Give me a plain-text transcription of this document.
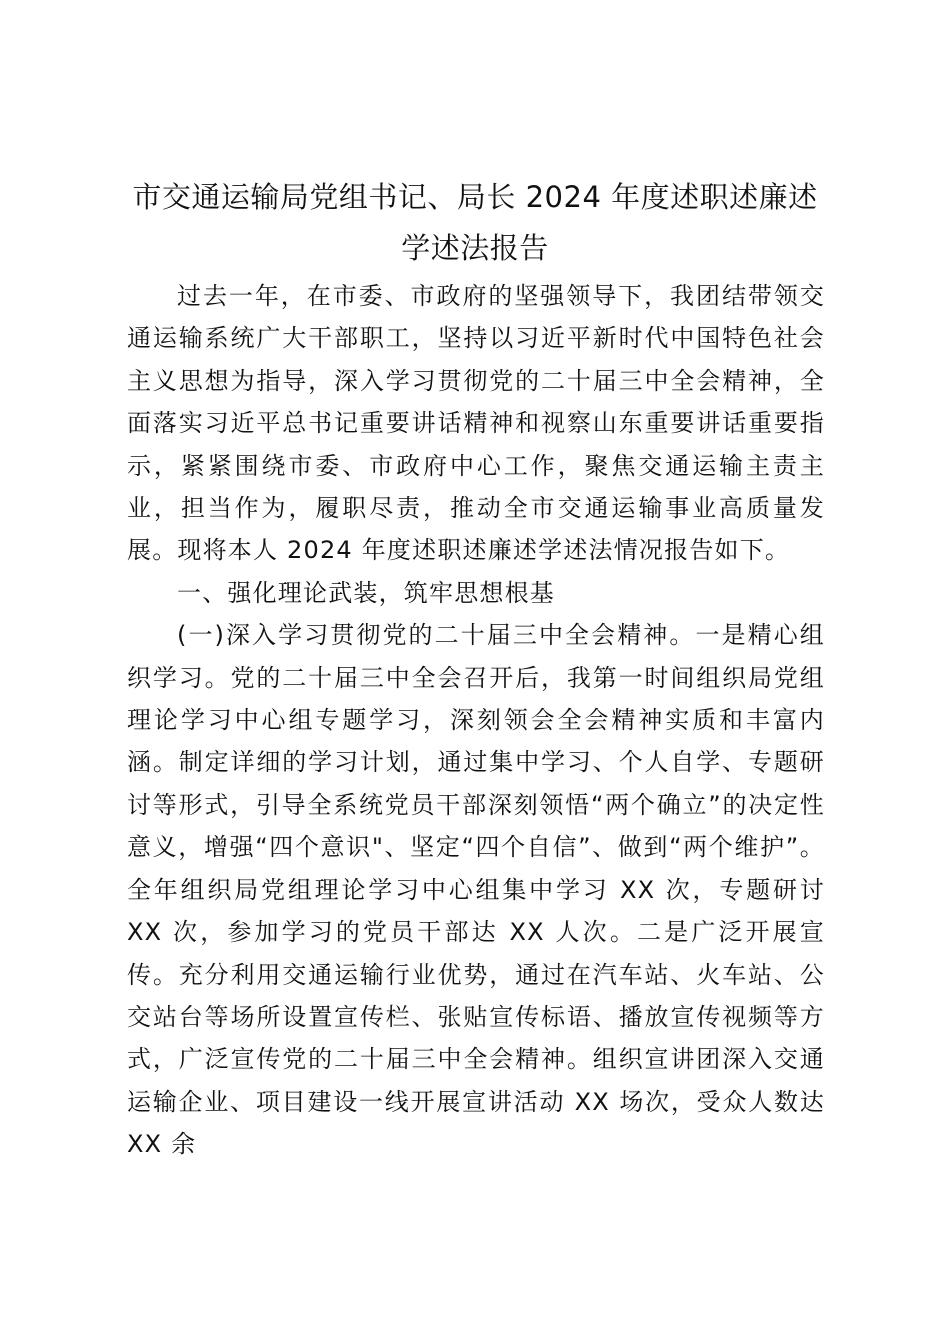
市交通运输局党组书记、局长 2024 年度述职述廉述学述法报告

过去一年，在市委、市政府的坚强领导下，我团结带领交通运输系统广大干部职工，坚持以习近平新时代中国特色社会主义思想为指导，深入学习贯彻党的二十届三中全会精神，全面落实习近平总书记重要讲话精神和视察山东重要讲话重要指示，紧紧围绕市委、市政府中心工作，聚焦交通运输主责主业，担当作为，履职尽责，推动全市交通运输事业高质量发展。现将本人 2024 年度述职述廉述学述法情况报告如下。

一、强化理论武装，筑牢思想根基

(一)深入学习贯彻党的二十届三中全会精神。一是精心组织学习。党的二十届三中全会召开后，我第一时间组织局党组理论学习中心组专题学习，深刻领会全会精神实质和丰富内涵。制定详细的学习计划，通过集中学习、个人自学、专题研讨等形式，引导全系统党员干部深刻领悟“两个确立”的决定性意义，增强“四个意识"、坚定“四个自信”、做到“两个维护”。全年组织局党组理论学习中心组集中学习 XX 次，专题研讨 XX 次，参加学习的党员干部达 XX 人次。二是广泛开展宣传。充分利用交通运输行业优势，通过在汽车站、火车站、公交站台等场所设置宣传栏、张贴宣传标语、播放宣传视频等方式，广泛宣传党的二十届三中全会精神。组织宣讲团深入交通运输企业、项目建设一线开展宣讲活动 XX 场次，受众人数达 XX 余
